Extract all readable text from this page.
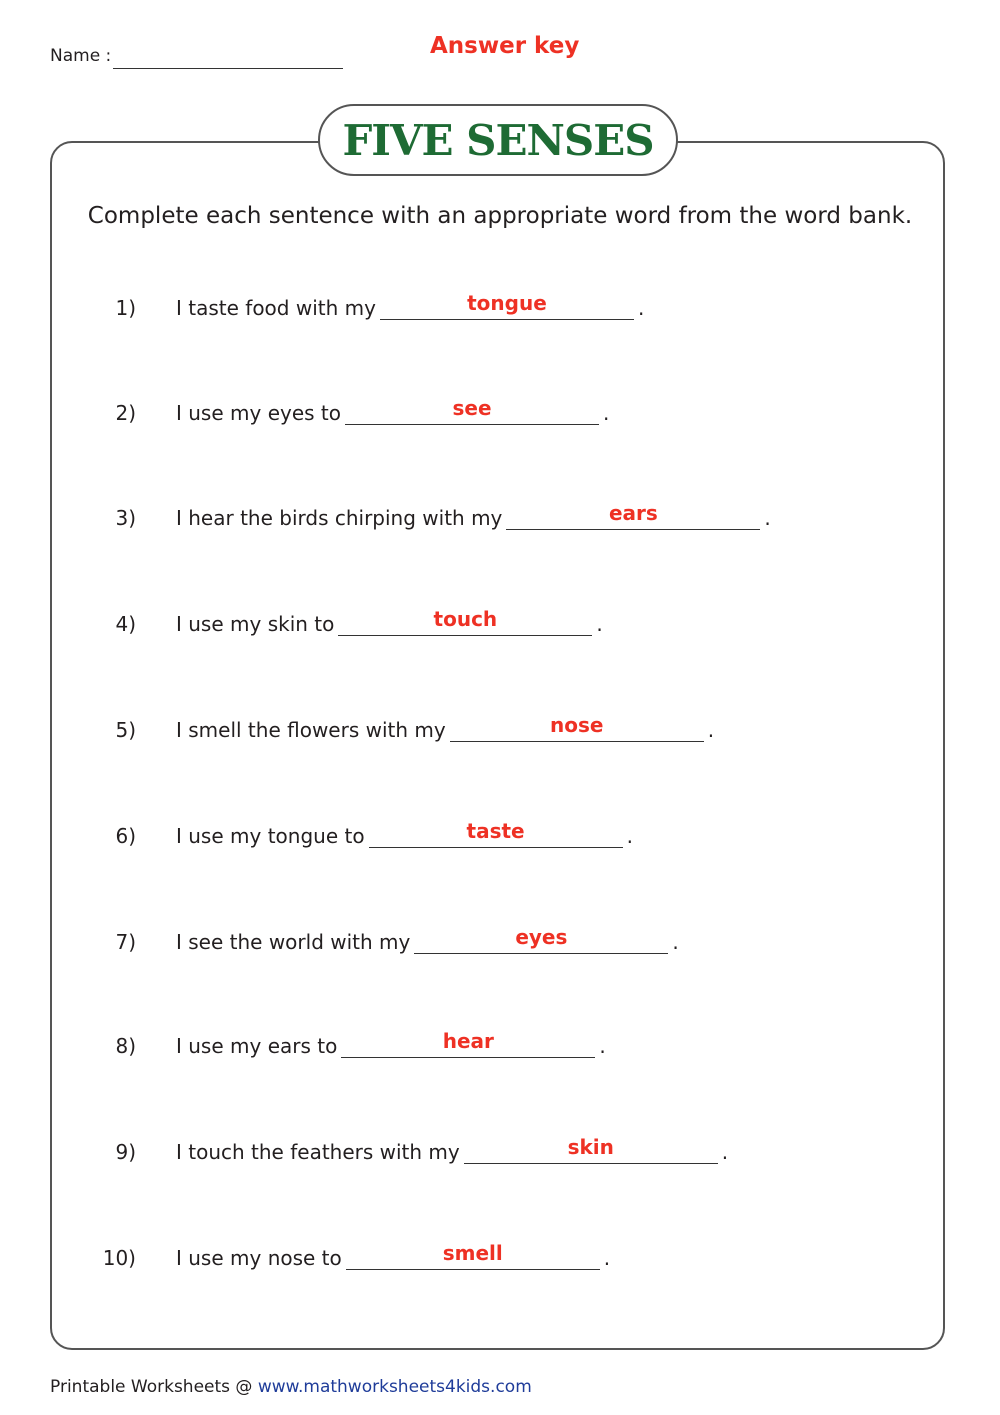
Name :	Answer key
FIVE SENSES
Complete each sentence with an appropriate word from the word bank.
1) I taste food with my	tongue	.
2) I use my eyes to	see	.
3) I hear the birds chirping with my	ears	.
4) I use my skin to	touch	.
5) I smell the flowers with my	nose	.
6) I use my tongue to	taste	.
7) I see the world with my	eyes	.
8) I use my ears to	hear	.
9) I touch the feathers with my	skin	.
10) I use my nose to	smell	.
Printable Worksheets @ www.mathworksheets4kids.com
